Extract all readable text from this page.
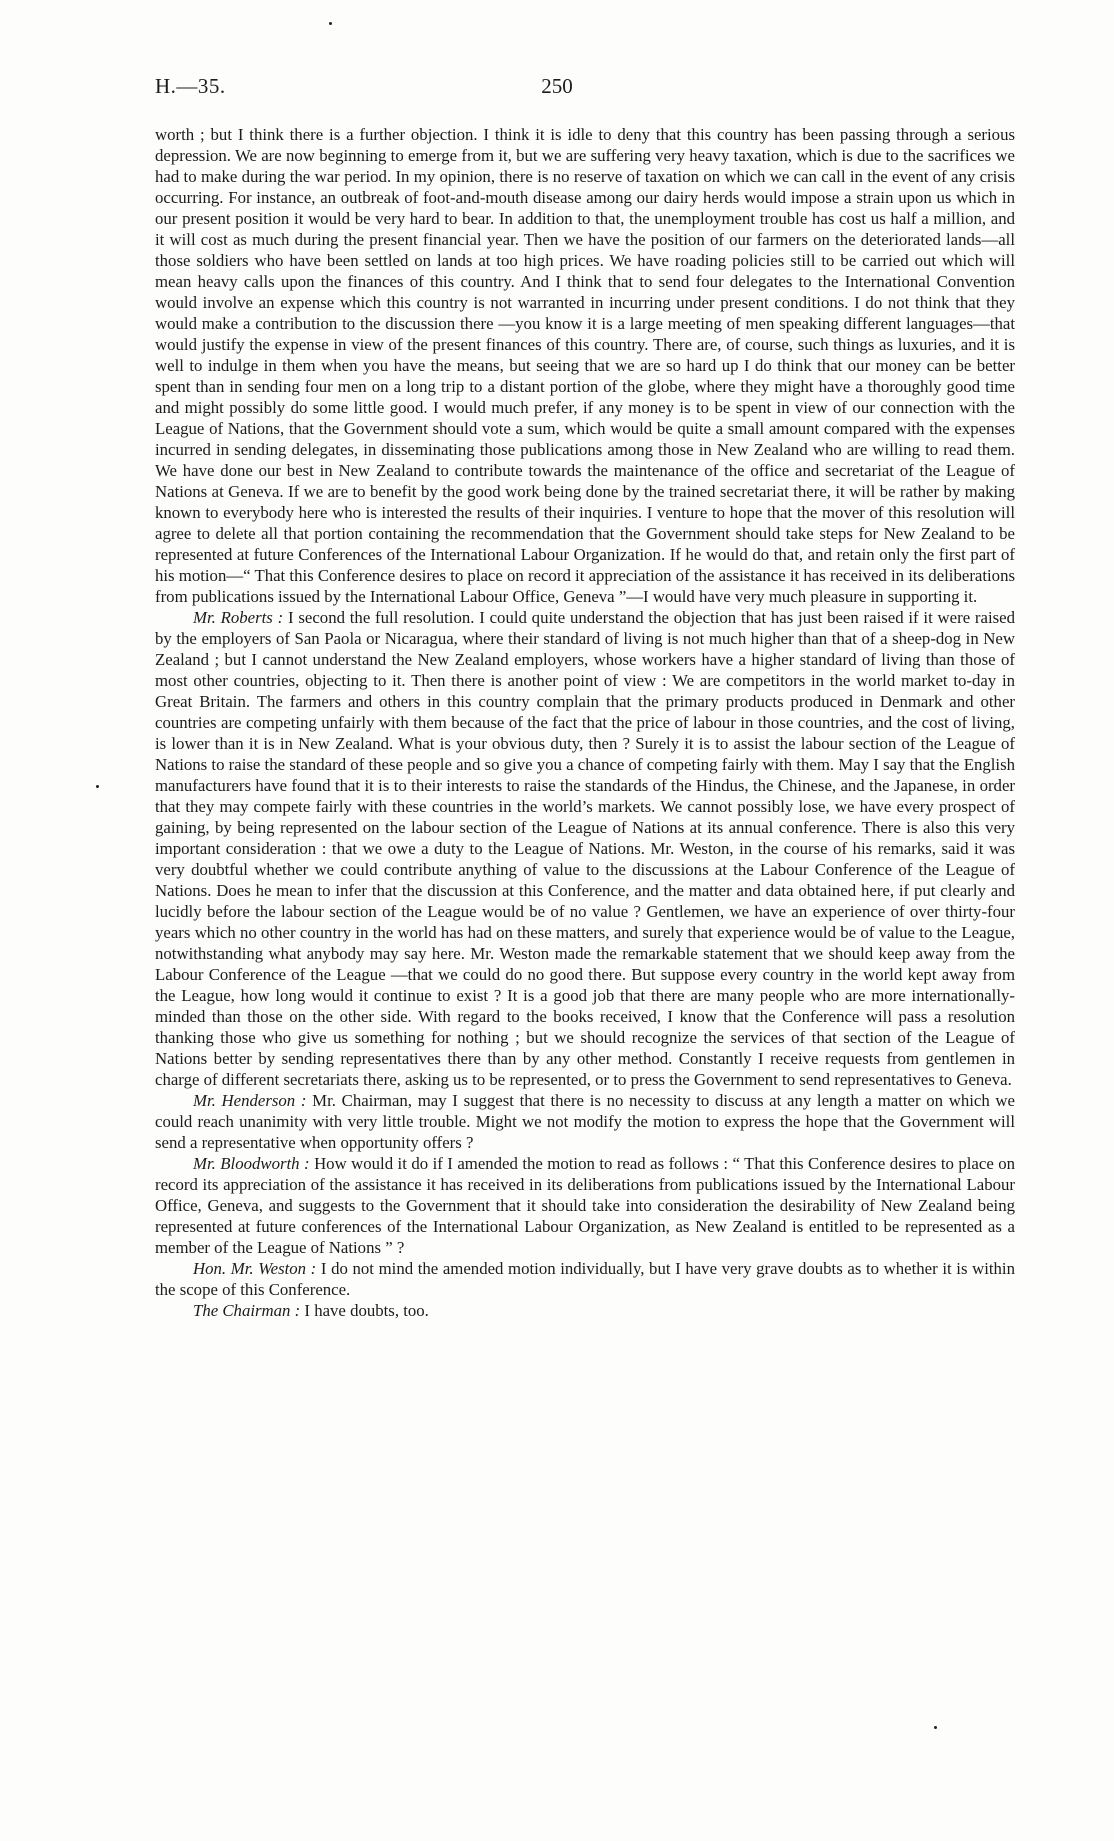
H.—35.	250

worth ; but I think there is a further objection. I think it is idle to deny that this country has been passing through a serious depression. We are now beginning to emerge from it, but we are suffering very heavy taxation, which is due to the sacrifices we had to make during the war period. In my opinion, there is no reserve of taxation on which we can call in the event of any crisis occurring. For instance, an outbreak of foot-and-mouth disease among our dairy herds would impose a strain upon us which in our present position it would be very hard to bear. In addition to that, the unemployment trouble has cost us half a million, and it will cost as much during the present financial year. Then we have the position of our farmers on the deteriorated lands—all those soldiers who have been settled on lands at too high prices. We have roading policies still to be carried out which will mean heavy calls upon the finances of this country. And I think that to send four delegates to the International Convention would involve an expense which this country is not warranted in incurring under present conditions. I do not think that they would make a contribution to the discussion there —you know it is a large meeting of men speaking different languages—that would justify the expense in view of the present finances of this country. There are, of course, such things as luxuries, and it is well to indulge in them when you have the means, but seeing that we are so hard up I do think that our money can be better spent than in sending four men on a long trip to a distant portion of the globe, where they might have a thoroughly good time and might possibly do some little good. I would much prefer, if any money is to be spent in view of our connection with the League of Nations, that the Government should vote a sum, which would be quite a small amount compared with the expenses incurred in sending delegates, in disseminating those publications among those in New Zealand who are willing to read them. We have done our best in New Zealand to contribute towards the maintenance of the office and secretariat of the League of Nations at Geneva. If we are to benefit by the good work being done by the trained secretariat there, it will be rather by making known to everybody here who is interested the results of their inquiries. I venture to hope that the mover of this resolution will agree to delete all that portion containing the recommendation that the Government should take steps for New Zealand to be represented at future Conferences of the International Labour Organization. If he would do that, and retain only the first part of his motion—“ That this Conference desires to place on record it appreciation of the assistance it has received in its deliberations from publications issued by the International Labour Office, Geneva ”—I would have very much pleasure in supporting it.

Mr. Roberts : I second the full resolution. I could quite understand the objection that has just been raised if it were raised by the employers of San Paola or Nicaragua, where their standard of living is not much higher than that of a sheep-dog in New Zealand ; but I cannot understand the New Zealand employers, whose workers have a higher standard of living than those of most other countries, objecting to it. Then there is another point of view : We are competitors in the world market to-day in Great Britain. The farmers and others in this country complain that the primary products produced in Denmark and other countries are competing unfairly with them because of the fact that the price of labour in those countries, and the cost of living, is lower than it is in New Zealand. What is your obvious duty, then ? Surely it is to assist the labour section of the League of Nations to raise the standard of these people and so give you a chance of competing fairly with them. May I say that the English manufacturers have found that it is to their interests to raise the standards of the Hindus, the Chinese, and the Japanese, in order that they may compete fairly with these countries in the world’s markets. We cannot possibly lose, we have every prospect of gaining, by being represented on the labour section of the League of Nations at its annual conference. There is also this very important consideration : that we owe a duty to the League of Nations. Mr. Weston, in the course of his remarks, said it was very doubtful whether we could contribute anything of value to the discussions at the Labour Conference of the League of Nations. Does he mean to infer that the discussion at this Conference, and the matter and data obtained here, if put clearly and lucidly before the labour section of the League would be of no value ? Gentlemen, we have an experience of over thirty-four years which no other country in the world has had on these matters, and surely that experience would be of value to the League, notwithstanding what anybody may say here. Mr. Weston made the remarkable statement that we should keep away from the Labour Conference of the League —that we could do no good there. But suppose every country in the world kept away from the League, how long would it continue to exist ? It is a good job that there are many people who are more internationally-minded than those on the other side. With regard to the books received, I know that the Conference will pass a resolution thanking those who give us something for nothing ; but we should recognize the services of that section of the League of Nations better by sending representatives there than by any other method. Constantly I receive requests from gentlemen in charge of different secretariats there, asking us to be represented, or to press the Government to send representatives to Geneva.

Mr. Henderson : Mr. Chairman, may I suggest that there is no necessity to discuss at any length a matter on which we could reach unanimity with very little trouble. Might we not modify the motion to express the hope that the Government will send a representative when opportunity offers ?

Mr. Bloodworth : How would it do if I amended the motion to read as follows : “ That this Conference desires to place on record its appreciation of the assistance it has received in its deliberations from publications issued by the International Labour Office, Geneva, and suggests to the Government that it should take into consideration the desirability of New Zealand being represented at future conferences of the International Labour Organization, as New Zealand is entitled to be represented as a member of the League of Nations ” ?

Hon. Mr. Weston : I do not mind the amended motion individually, but I have very grave doubts as to whether it is within the scope of this Conference.

The Chairman : I have doubts, too.
